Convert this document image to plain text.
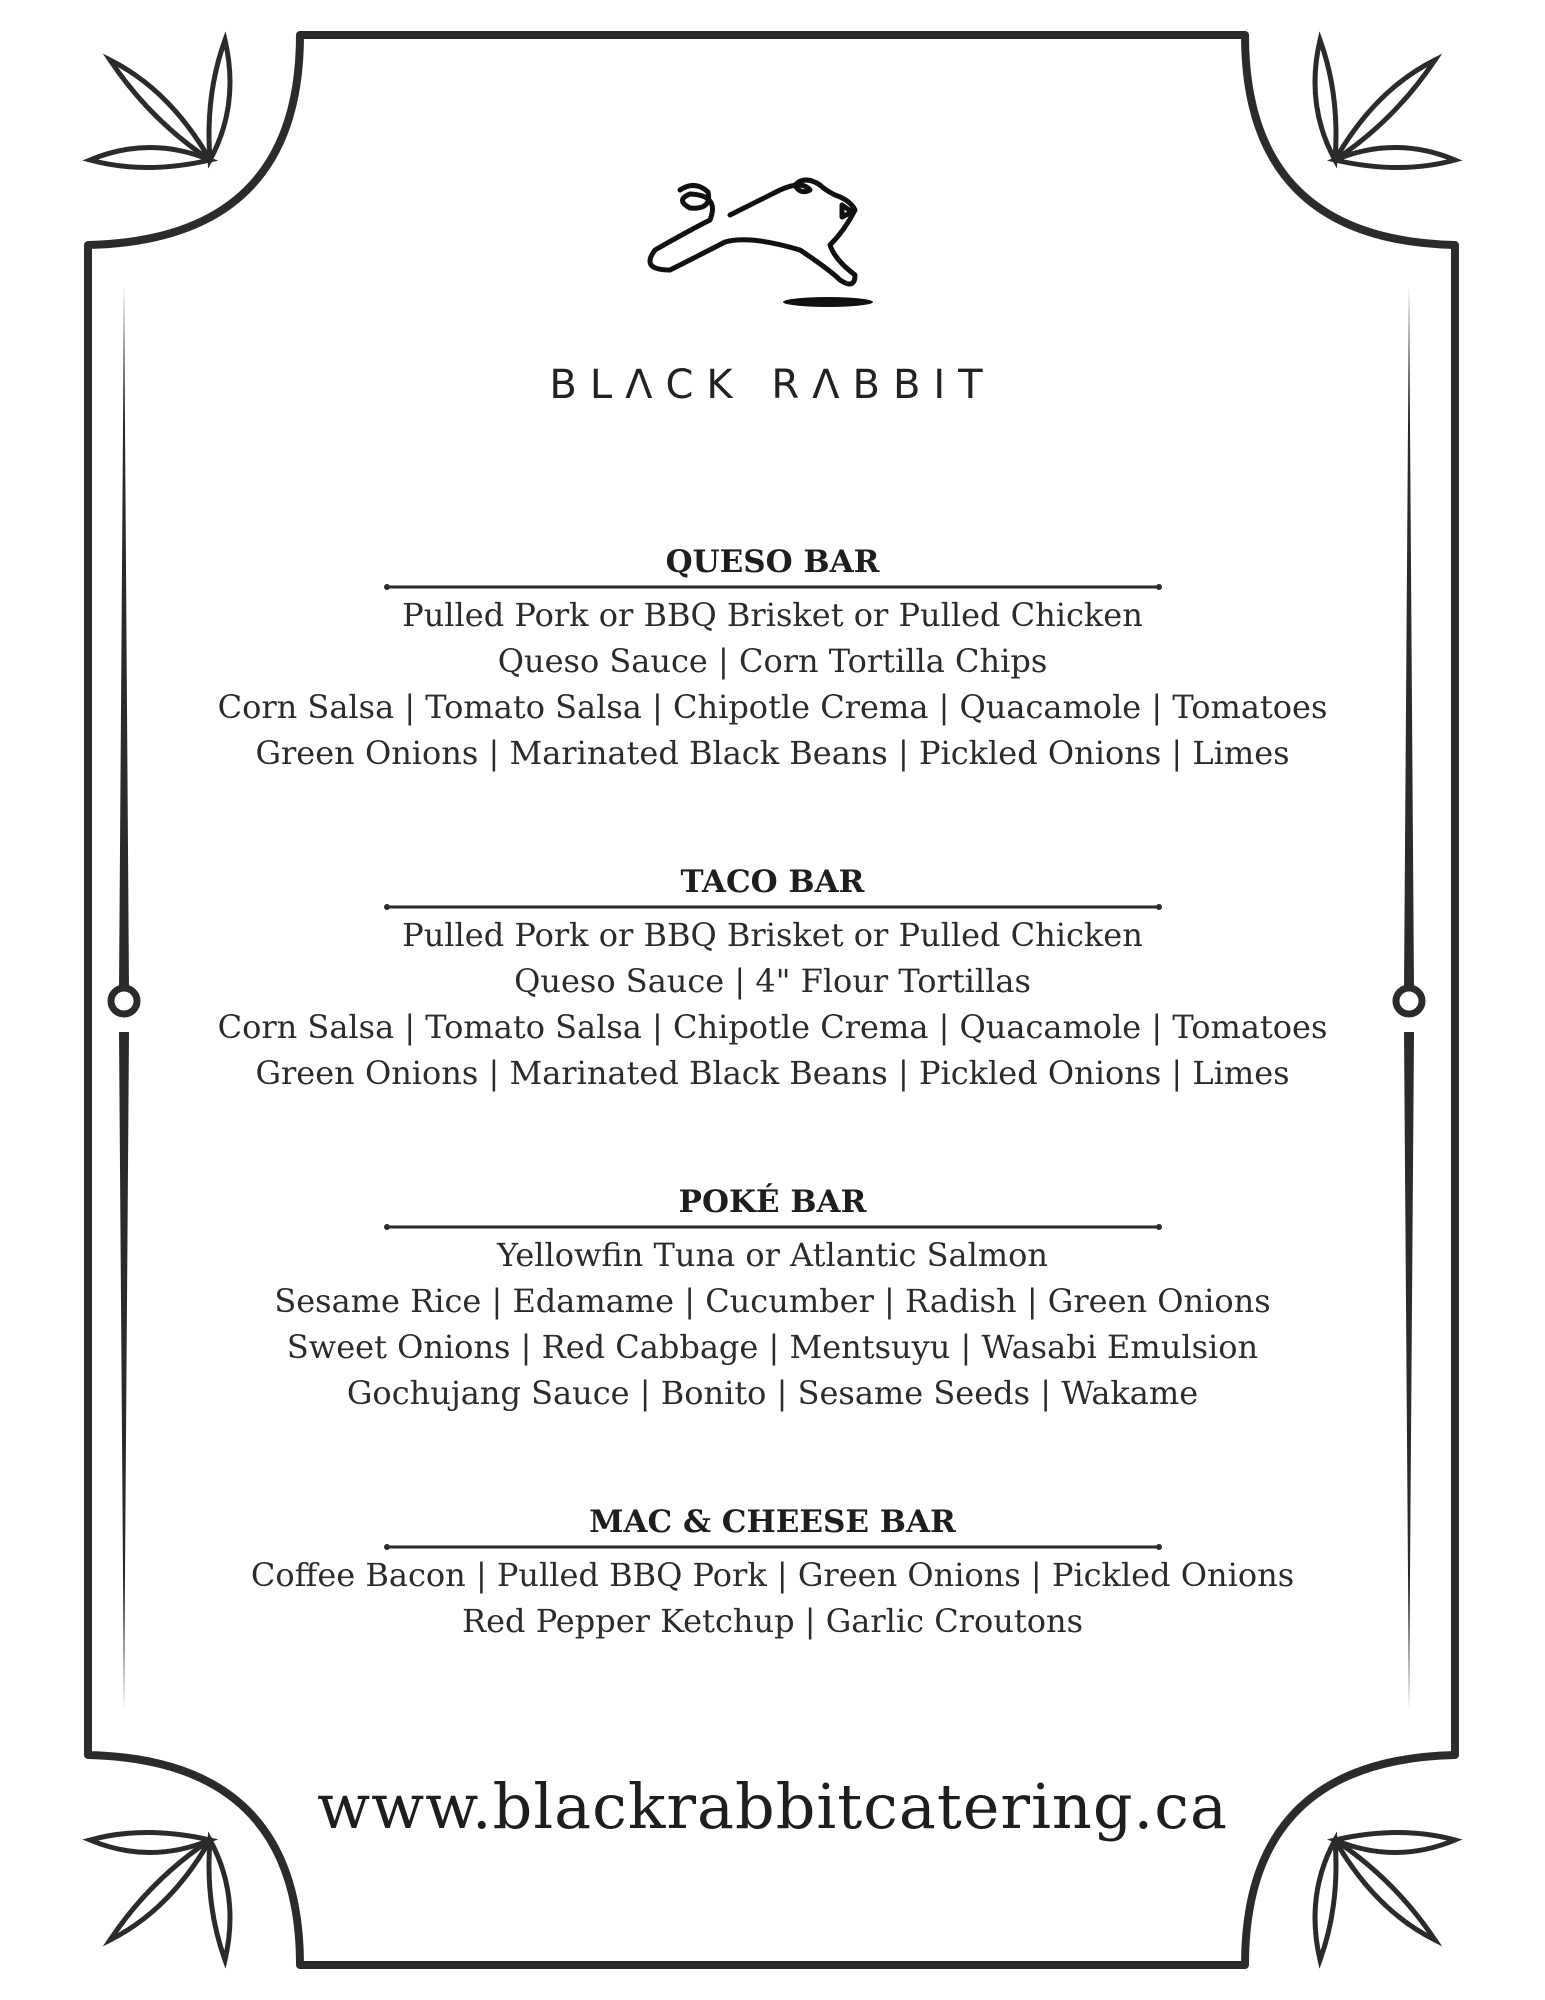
BLΛCK RΛBBIT
QUESO BAR
Pulled Pork or BBQ Brisket or Pulled Chicken
Queso Sauce | Corn Tortilla Chips
Corn Salsa | Tomato Salsa | Chipotle Crema | Quacamole | Tomatoes
Green Onions | Marinated Black Beans | Pickled Onions | Limes
TACO BAR
Pulled Pork or BBQ Brisket or Pulled Chicken
Queso Sauce | 4" Flour Tortillas
Corn Salsa | Tomato Salsa | Chipotle Crema | Quacamole | Tomatoes
Green Onions | Marinated Black Beans | Pickled Onions | Limes
POKÉ BAR
Yellowfin Tuna or Atlantic Salmon
Sesame Rice | Edamame | Cucumber | Radish | Green Onions
Sweet Onions | Red Cabbage | Mentsuyu | Wasabi Emulsion
Gochujang Sauce | Bonito | Sesame Seeds | Wakame
MAC & CHEESE BAR
Coffee Bacon | Pulled BBQ Pork | Green Onions | Pickled Onions
Red Pepper Ketchup | Garlic Croutons
www.blackrabbitcatering.ca
